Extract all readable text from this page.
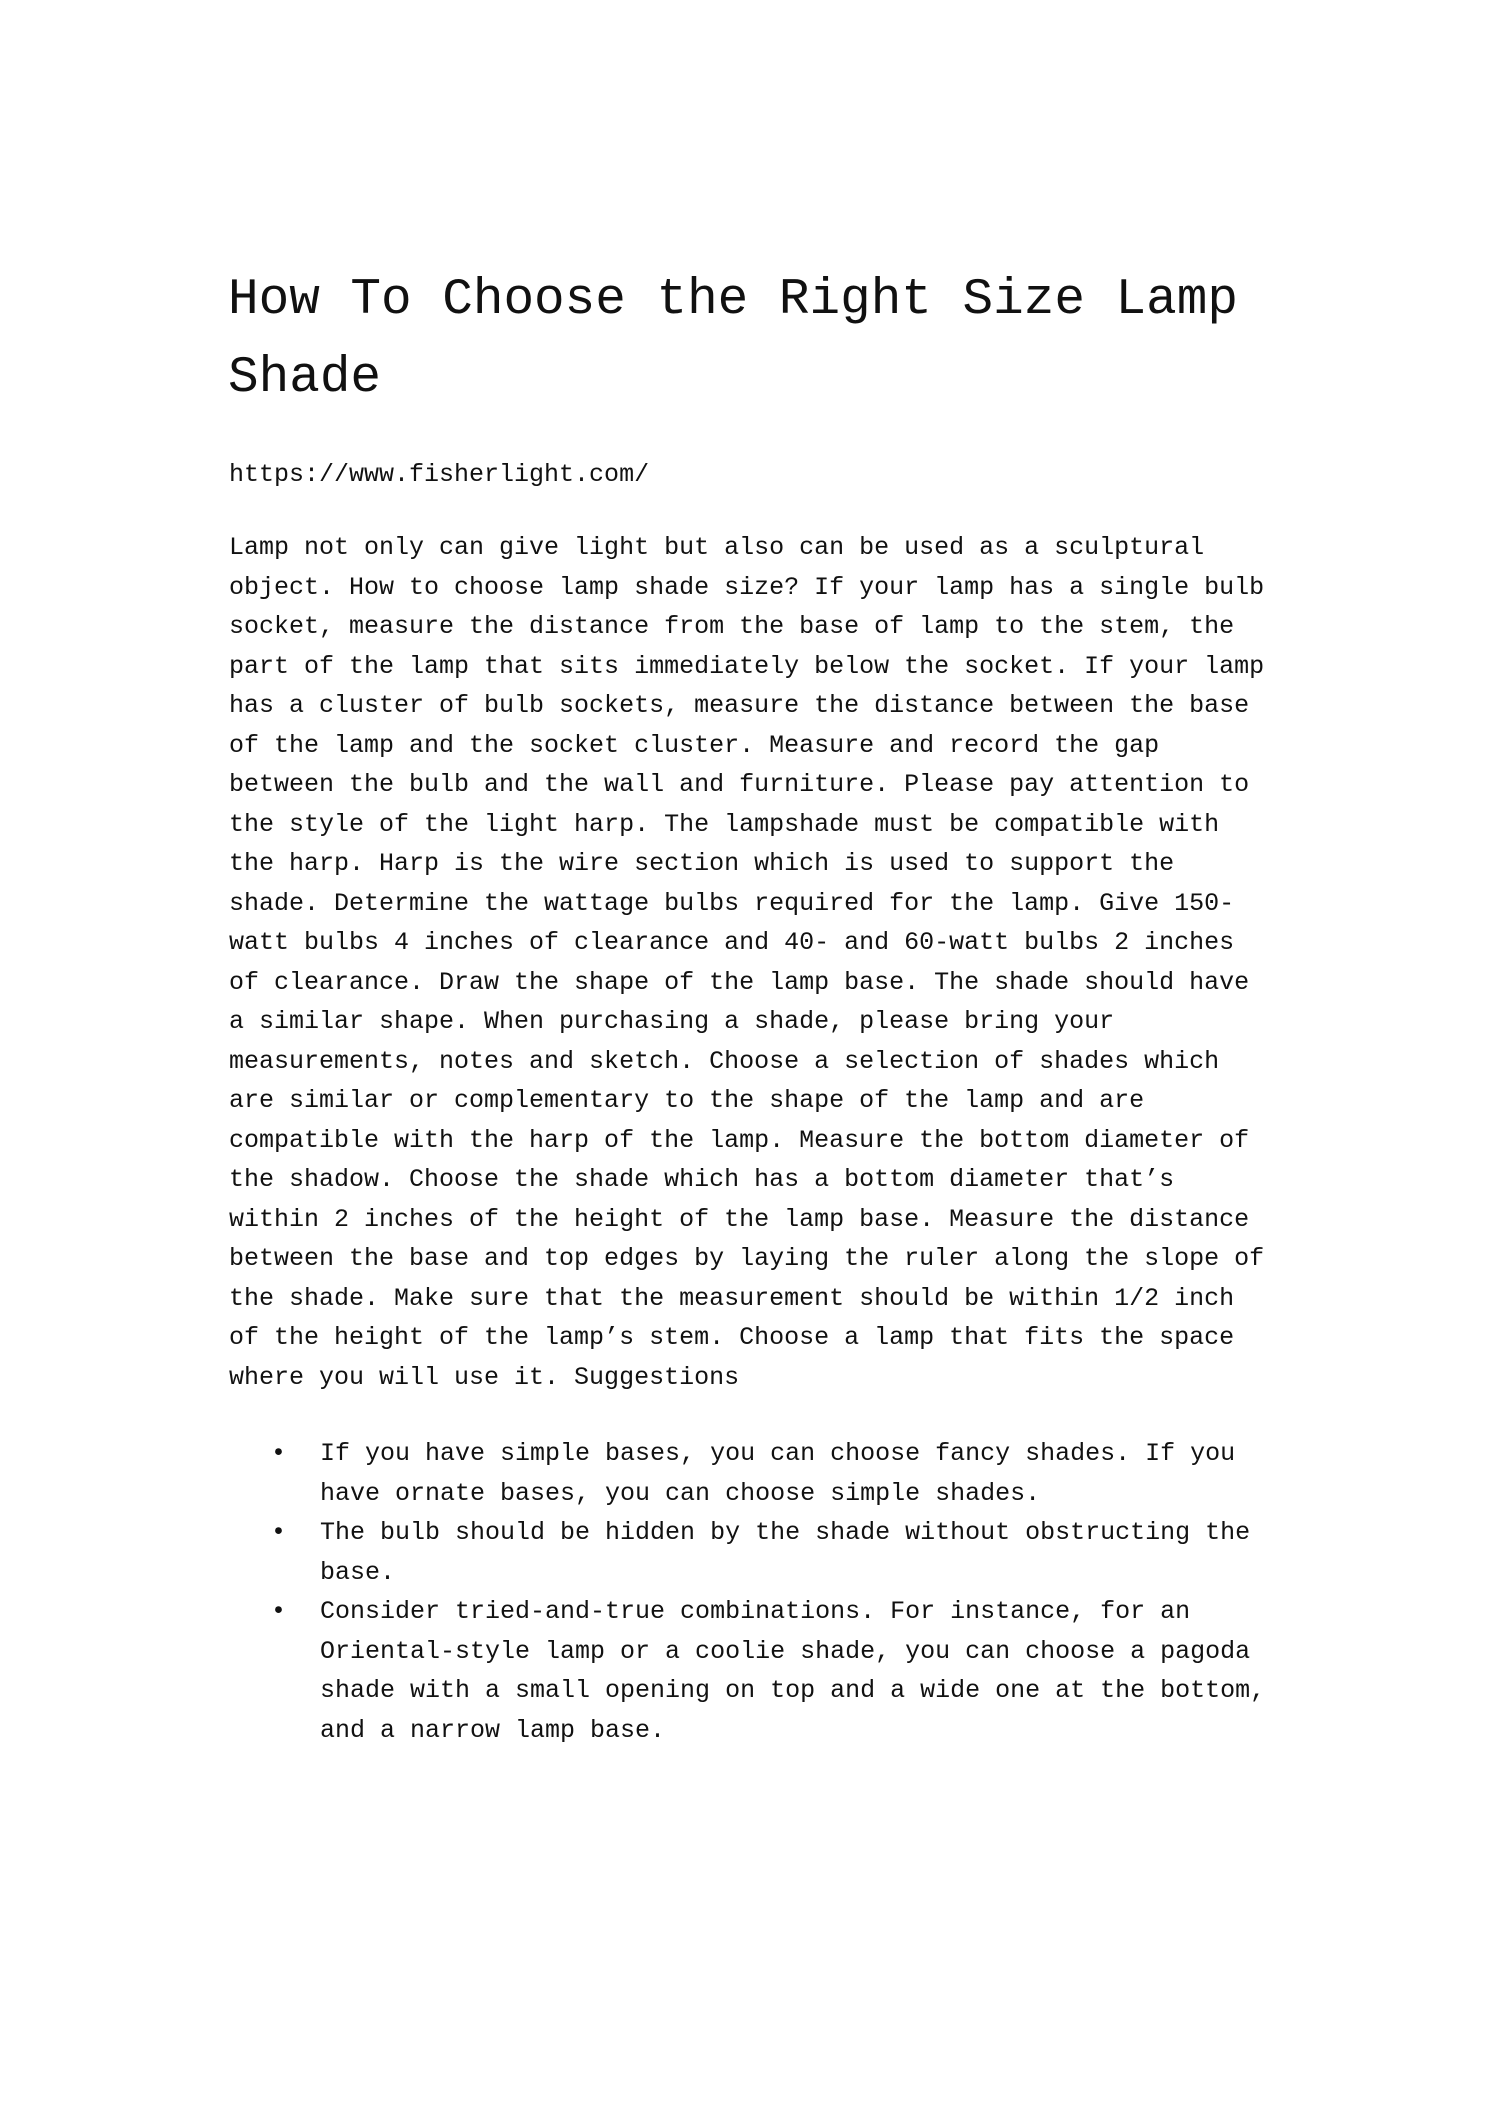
How To Choose the Right Size Lamp
Shade
https://www.fisherlight.com/
Lamp not only can give light but also can be used as a sculptural
object. How to choose lamp shade size? If your lamp has a single bulb
socket, measure the distance from the base of lamp to the stem, the
part of the lamp that sits immediately below the socket. If your lamp
has a cluster of bulb sockets, measure the distance between the base
of the lamp and the socket cluster. Measure and record the gap
between the bulb and the wall and furniture. Please pay attention to
the style of the light harp. The lampshade must be compatible with
the harp. Harp is the wire section which is used to support the
shade. Determine the wattage bulbs required for the lamp. Give 150-
watt bulbs 4 inches of clearance and 40- and 60-watt bulbs 2 inches
of clearance. Draw the shape of the lamp base. The shade should have
a similar shape. When purchasing a shade, please bring your
measurements, notes and sketch. Choose a selection of shades which
are similar or complementary to the shape of the lamp and are
compatible with the harp of the lamp. Measure the bottom diameter of
the shadow. Choose the shade which has a bottom diameter that’s
within 2 inches of the height of the lamp base. Measure the distance
between the base and top edges by laying the ruler along the slope of
the shade. Make sure that the measurement should be within 1/2 inch
of the height of the lamp’s stem. Choose a lamp that fits the space
where you will use it. Suggestions
• If you have simple bases, you can choose fancy shades. If you
have ornate bases, you can choose simple shades.
• The bulb should be hidden by the shade without obstructing the
base.
• Consider tried-and-true combinations. For instance, for an
Oriental-style lamp or a coolie shade, you can choose a pagoda
shade with a small opening on top and a wide one at the bottom,
and a narrow lamp base.
